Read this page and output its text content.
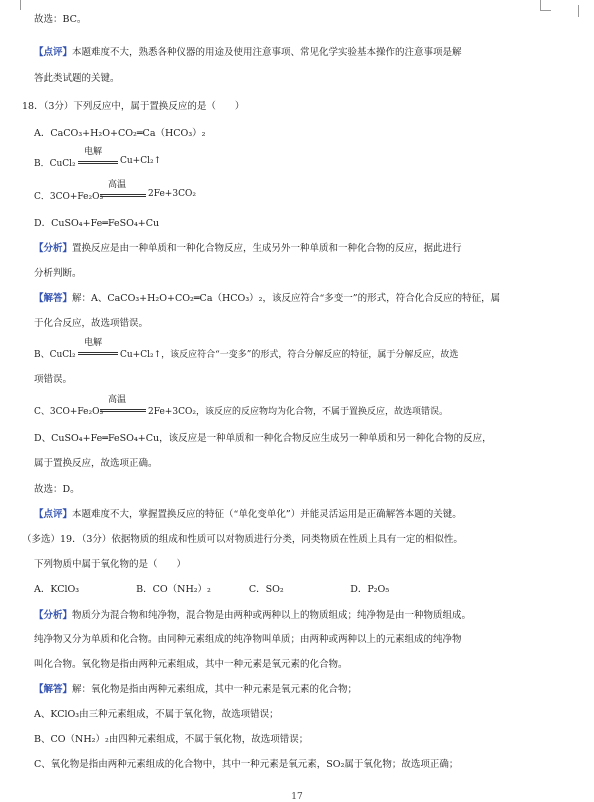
故选：BC。
【点评】本题难度不大，熟悉各种仪器的用途及使用注意事项、常见化学实验基本操作的注意事项是解
答此类试题的关键。
18．（3分）下列反应中，属于置换反应的是（　　）
A．CaCO₃+H₂O+CO₂═Ca（HCO₃）₂
B．CuCl₂
电解
Cu+Cl₂↑
C．3CO+Fe₂O₃
高温
2Fe+3CO₂
D．CuSO₄+Fe═FeSO₄+Cu
【分析】置换反应是由一种单质和一种化合物反应，生成另外一种单质和一种化合物的反应，据此进行
分析判断。
【解答】解：A、CaCO₃+H₂O+CO₂═Ca（HCO₃）₂，该反应符合“多变一”的形式，符合化合反应的特征，属
于化合反应，故选项错误。
B、CuCl₂
电解
Cu+Cl₂↑，该反应符合“一变多”的形式，符合分解反应的特征，属于分解反应，故选
项错误。
C、3CO+Fe₂O₃
高温
2Fe+3CO₂，该反应的反应物均为化合物，不属于置换反应，故选项错误。
D、CuSO₄+Fe═FeSO₄+Cu，该反应是一种单质和一种化合物反应生成另一种单质和另一种化合物的反应，
属于置换反应，故选项正确。
故选：D。
【点评】本题难度不大，掌握置换反应的特征（“单化变单化”）并能灵活运用是正确解答本题的关键。
（多选）19．（3分）依据物质的组成和性质可以对物质进行分类，同类物质在性质上具有一定的相似性。
下列物质中属于氧化物的是（　　）
A．KClO₃　　　　　　B．CO（NH₂）₂　　　　C．SO₂　　　　　　　D．P₂O₅
【分析】物质分为混合物和纯净物，混合物是由两种或两种以上的物质组成；纯净物是由一种物质组成。
纯净物又分为单质和化合物。由同种元素组成的纯净物叫单质；由两种或两种以上的元素组成的纯净物
叫化合物。氧化物是指由两种元素组成，其中一种元素是氧元素的化合物。
【解答】解：氧化物是指由两种元素组成，其中一种元素是氧元素的化合物；
A、KClO₃由三种元素组成，不属于氧化物，故选项错误；
B、CO（NH₂）₂由四种元素组成，不属于氧化物，故选项错误；
C、氧化物是指由两种元素组成的化合物中，其中一种元素是氧元素，SO₂属于氧化物；故选项正确；
17
